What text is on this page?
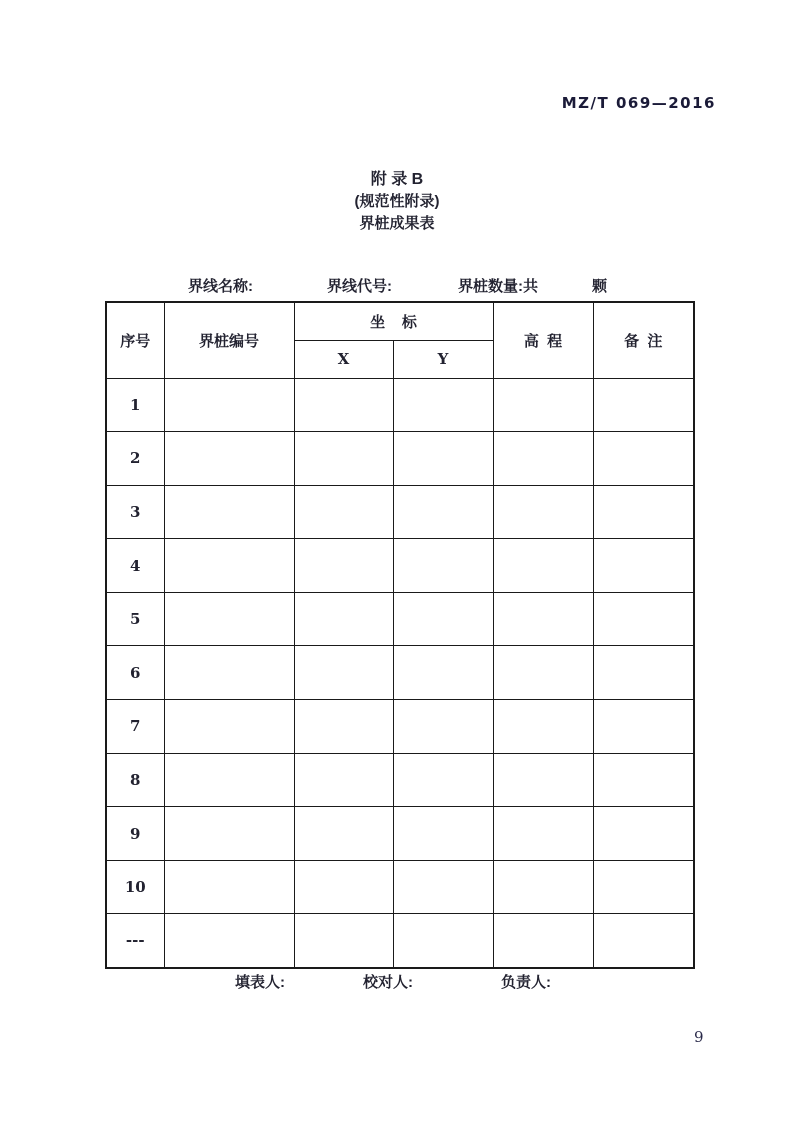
MZ/T 069—2016
附 录 B
(规范性附录)
界桩成果表
界线名称:	界线代号:	界桩数量:共	颗
序号	界桩编号	坐    标		高  程	备  注
		X	Y		
1					
2					
3					
4					
5					
6					
7					
8					
9					
10					
---					
填表人:	校对人:	负责人:
9
